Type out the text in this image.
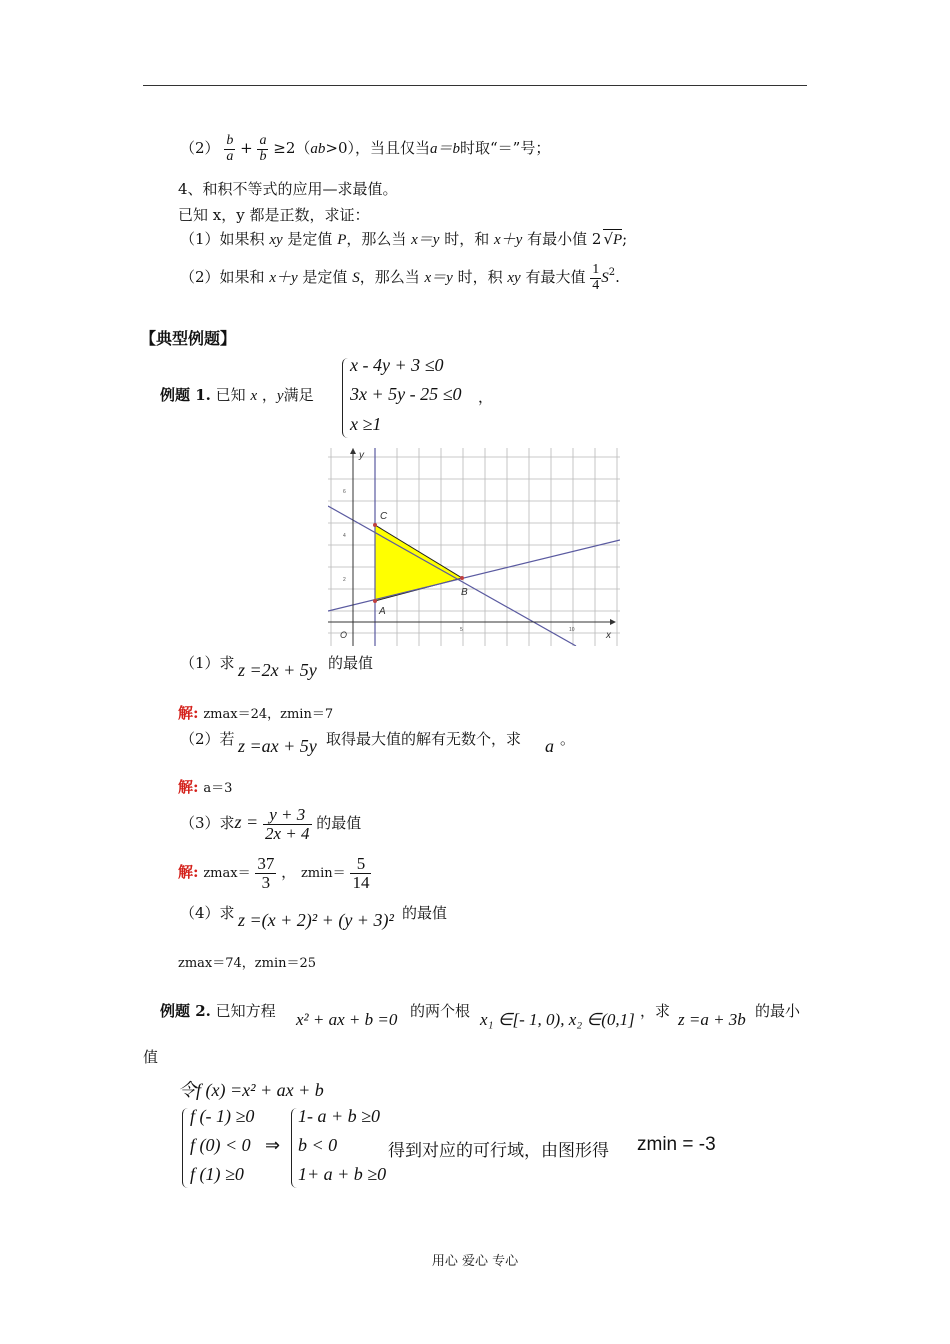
$(2) \frac{b}{a} + \frac{a}{b} \ge 2(ab>0)$，当且仅当a＝b时取“＝”号；
4、和积不等式的应用—求最值。
已知 x，y 都是正数，求证：
（1）如果积 xy 是定值 P，那么当 x＝y 时，和 x＋y 有最小值 2 √P;
（2）如果和 x＋y 是定值 S，那么当 x＝y 时，积 xy 有最大值 $\frac{1}{4} S^2$.
【典型例题】
例题 1. 已知 x ，y满足
x - 4y + 3 ≤0
3x + 5y - 25 ≤0
x ≥1
，
y
x
O
C
A
B
2
4
6
5	10
（1）求 z =2x + 5y 的最值
解: zmax＝24，zmin＝7
（2）若 z =ax + 5y 取得最大值的解有无数个，求 a 。
解: a＝3
（3）求$z = \frac{y + 3}{2x + 4}$ 的最值
解: $zmax= \frac{37}{3}$ ， $zmin= \frac{5}{14}$
（4）求 z =(x + 2)² + (y + 3)² 的最值
zmax＝74，zmin＝25
例题 2. 已知方程 x² + ax + b =0 的两个根 x₁ ∈[- 1, 0), x₂ ∈(0,1] ，求 z =a + 3b 的最小
值
令f (x) =x² + ax + b
f (- 1) ≥0
f (0) < 0
f (1) ≥0
⇒
1- a + b ≥0
b < 0
1+ a + b ≥0
得到对应的可行域，由图形得 zmin = -3
用心 爱心 专心
